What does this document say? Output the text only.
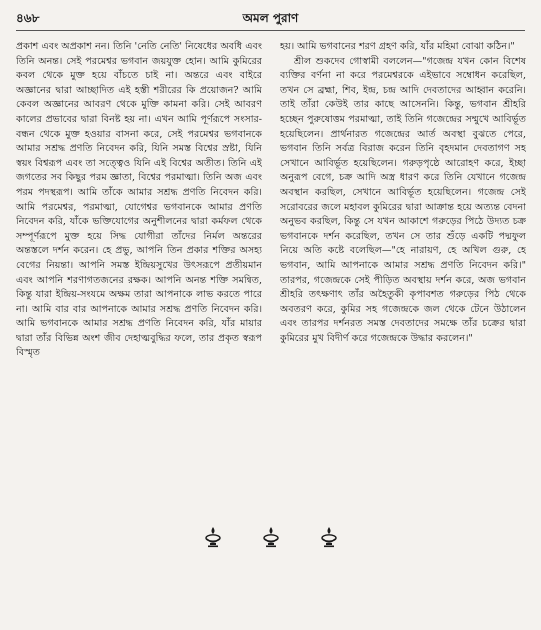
৪৬৮	অমল পুরাণ

প্রকাশ এবং অপ্রকাশ নন। তিনি 'নেতি নেতি' নিষেধের অবধি এবং তিনি অনন্ত। সেই পরমেশ্বর ভগবান জয়যুক্ত হোন। আমি কুমিরের কবল থেকে মুক্ত হয়ে বাঁচতে চাই না। অন্তরে এবং বাইরে অজ্ঞানের দ্বারা আচ্ছাদিত এই হস্তী শরীরের কি প্রয়োজন? আমি কেবল অজ্ঞানের আবরণ থেকে মুক্তি কামনা করি। সেই আবরণ কালের প্রভাবের দ্বারা বিনষ্ট হয় না। এখন আমি পূর্ণরূপে সংসার-বন্ধন থেকে মুক্ত হওয়ার বাসনা করে, সেই পরমেশ্বর ভগবানকে আমার সশ্রদ্ধ প্রণতি নিবেদন করি, যিনি সমস্ত বিশ্বের স্রষ্টা, যিনি স্বয়ং বিশ্বরূপ এবং তা সত্ত্বেও যিনি এই বিশ্বের অতীত। তিনি এই জগতের সব কিছুর পরম জ্ঞাতা, বিশ্বের পরমাত্মা। তিনি অজ এবং পরম পদস্থরূপ। আমি তাঁকে আমার সশ্রদ্ধ প্রণতি নিবেদন করি। আমি পরমেশ্বর, পরমাত্মা, যোগেশ্বর ভগবানকে আমার প্রণতি নিবেদন করি, যাঁকে ভক্তিযোগের অনুশীলনের দ্বারা কর্মফল থেকে সম্পূর্ণরূপে মুক্ত হয়ে সিদ্ধ যোগীরা তাঁদের নির্মল অন্তরের অন্তস্তলে দর্শন করেন। হে প্রভু, আপনি তিন প্রকার শক্তির অসহ্য বেগের নিয়ন্তা। আপনি সমস্ত ইন্দ্রিয়সুখের উৎসরূপে প্রতীয়মান এবং আপনি শরণাগতজনের রক্ষক। আপনি অনন্ত শক্তি সমন্বিত, কিন্তু যারা ইন্দ্রিয়-সংযমে অক্ষম তারা আপনাকে লাভ করতে পারে না। আমি বার বার আপনাকে আমার সশ্রদ্ধ প্রণতি নিবেদন করি। আমি ভগবানকে আমার সশ্রদ্ধ প্রণতি নিবেদন করি, যাঁর মায়ার দ্বারা তাঁর বিভিন্ন অংশ জীব দেহাত্মবুদ্ধির ফলে, তার প্রকৃত স্বরূপ বিস্মৃত

হয়। আমি ভগবানের শরণ গ্রহণ করি, যাঁর মহিমা বোঝা কঠিন।"

শ্রীল শুকদেব গোস্বামী বললেন—"গজেন্দ্র যখন কোন বিশেষ ব্যক্তির বর্ণনা না করে পরমেশ্বরকে এইভাবে সম্বোধন করেছিল, তখন সে ব্রহ্মা, শিব, ইন্দ্র, চন্দ্র আদি দেবতাদের আহ্বান করেনি। তাই তাঁরা কেউই তার কাছে আসেননি। কিন্তু, ভগবান শ্রীহরি হচ্ছেন পুরুষোত্তম পরমাত্মা, তাই তিনি গজেন্দ্রের সম্মুখে আবির্ভূত হয়েছিলেন। প্রার্থনারত গজেন্দ্রের আর্ত অবস্থা বুঝতে পেরে, ভগবান তিনি সর্বত্র বিরাজ করেন তিনি বৃহদমান দেবতাগণ সহ সেখানে আবির্ভূত হয়েছিলেন। গরুড়পৃষ্ঠে আরোহণ করে, ইচ্ছা অনুরূপ বেগে, চক্র আদি অস্ত্র ধারণ করে তিনি যেখানে গজেন্দ্র অবস্থান করছিল, সেখানে আবির্ভূত হয়েছিলেন। গজেন্দ্র সেই সরোবরের জলে মহাবল কুমিরের দ্বারা আক্রান্ত হয়ে অত্যন্ত বেদনা অনুভব করছিল, কিন্তু সে যখন আকাশে গরুড়ের পিঠে উদ্যত চক্র ভগবানকে দর্শন করেছিল, তখন সে তার শুঁড়ে একটি পদ্মফুল নিয়ে অতি কষ্টে বলেছিল—"হে নারায়ণ, হে অখিল গুরু, হে ভগবান, আমি আপনাকে আমার সশ্রদ্ধ প্রণতি নিবেদন করি।" তারপর, গজেন্দ্রকে সেই পীড়িত অবস্থায় দর্শন করে, অজ ভগবান শ্রীহরি তৎক্ষণাৎ তাঁর অহৈতুকী কৃপাবশত গরুড়ের পিঠ থেকে অবতরণ করে, কুমির সহ গজেন্দ্রকে জল থেকে টেনে উঠালেন এবং তারপর দর্শনরত সমস্ত দেবতাদের সমক্ষে তাঁর চক্রের দ্বারা কুমিরের মুখ বিদীর্ণ করে গজেন্দ্রকে উদ্ধার করলেন।"
